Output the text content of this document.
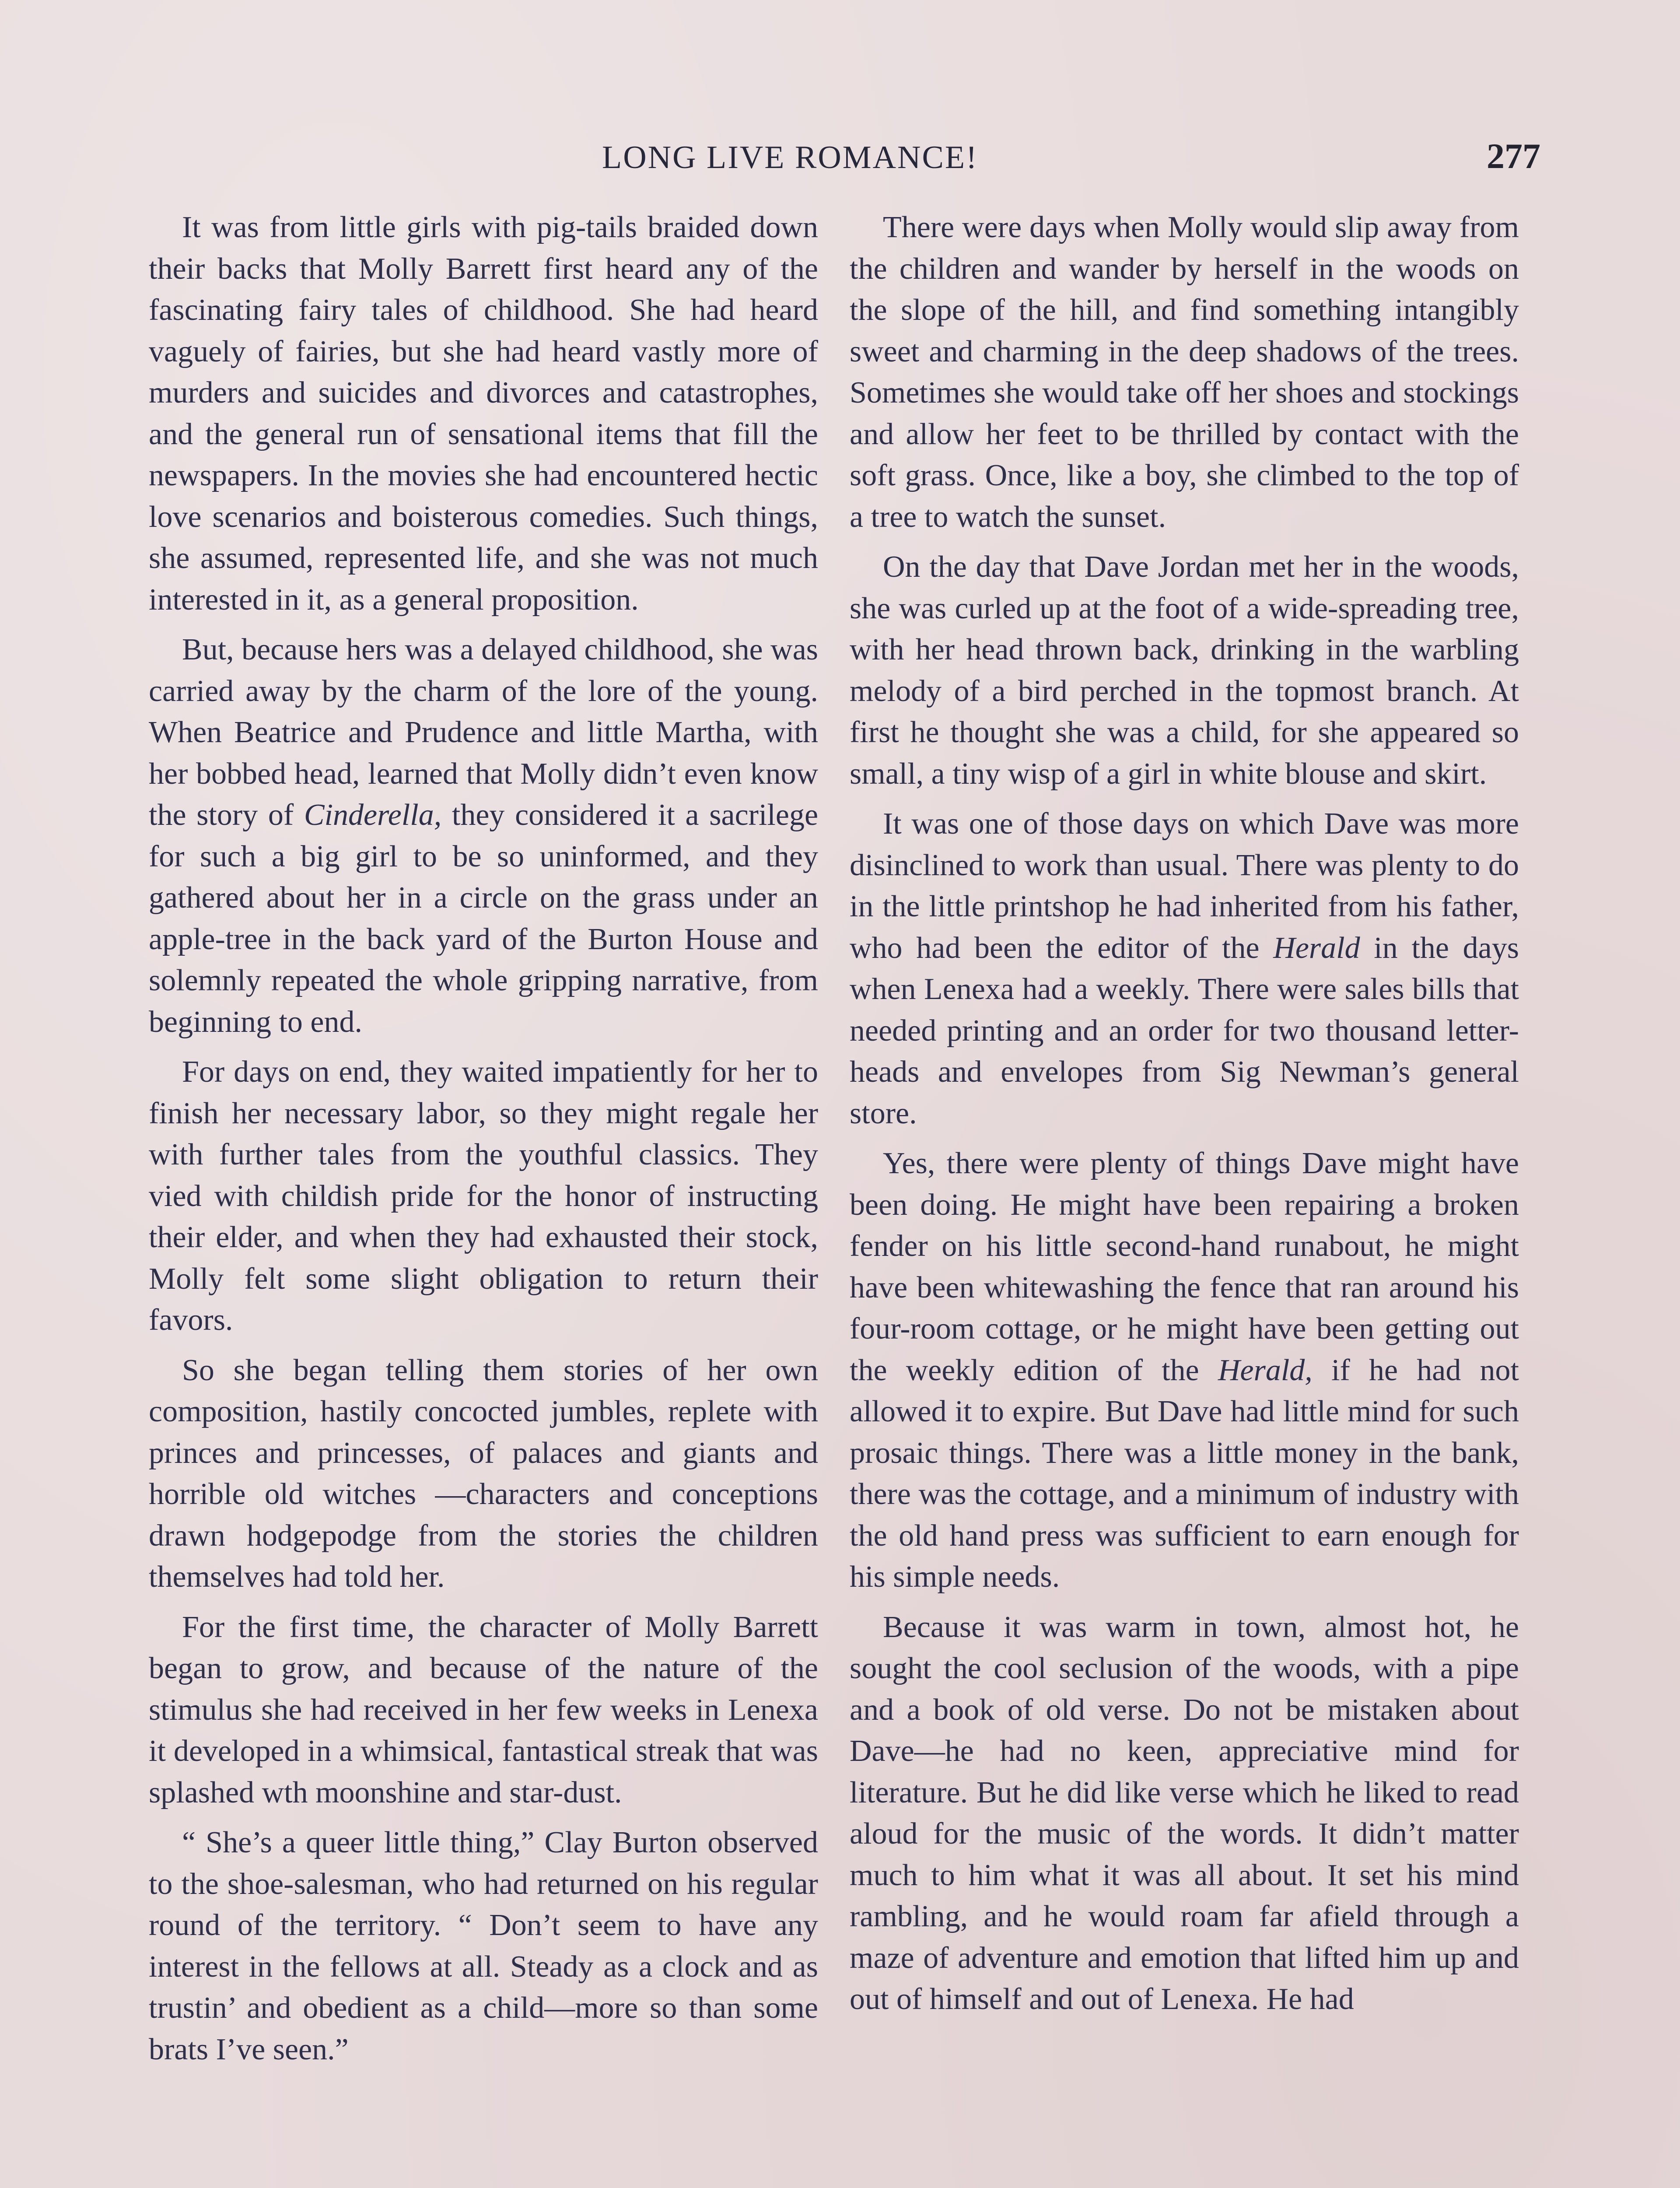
LONG LIVE ROMANCE!	277

It was from little girls with pig-tails braided down their backs that Molly Barrett first heard any of the fascinating fairy tales of childhood. She had heard vaguely of fairies, but she had heard vastly more of murders and suicides and divorces and catastrophes, and the general run of sensational items that fill the newspapers. In the movies she had encountered hectic love scenarios and boisterous comedies. Such things, she assumed, represented life, and she was not much interested in it, as a general proposition.

But, because hers was a delayed childhood, she was carried away by the charm of the lore of the young. When Beatrice and Prudence and little Martha, with her bobbed head, learned that Molly didn’t even know the story of Cinderella, they considered it a sacrilege for such a big girl to be so uninformed, and they gathered about her in a circle on the grass under an apple-tree in the back yard of the Burton House and solemnly repeated the whole gripping narrative, from beginning to end.

For days on end, they waited impatiently for her to finish her necessary labor, so they might regale her with further tales from the youthful classics. They vied with childish pride for the honor of instructing their elder, and when they had exhausted their stock, Molly felt some slight obligation to return their favors.

So she began telling them stories of her own composition, hastily concocted jumbles, replete with princes and princesses, of palaces and giants and horrible old witches —characters and conceptions drawn hodgepodge from the stories the children themselves had told her.

For the first time, the character of Molly Barrett began to grow, and because of the nature of the stimulus she had received in her few weeks in Lenexa it developed in a whimsical, fantastical streak that was splashed wth moonshine and star-dust.

“ She’s a queer little thing,” Clay Burton observed to the shoe-salesman, who had returned on his regular round of the territory. “ Don’t seem to have any interest in the fellows at all. Steady as a clock and as trustin’ and obedient as a child—more so than some brats I’ve seen.”

There were days when Molly would slip away from the children and wander by herself in the woods on the slope of the hill, and find something intangibly sweet and charming in the deep shadows of the trees. Sometimes she would take off her shoes and stockings and allow her feet to be thrilled by contact with the soft grass. Once, like a boy, she climbed to the top of a tree to watch the sunset.

On the day that Dave Jordan met her in the woods, she was curled up at the foot of a wide-spreading tree, with her head thrown back, drinking in the warbling melody of a bird perched in the topmost branch. At first he thought she was a child, for she appeared so small, a tiny wisp of a girl in white blouse and skirt.

It was one of those days on which Dave was more disinclined to work than usual. There was plenty to do in the little printshop he had inherited from his father, who had been the editor of the Herald in the days when Lenexa had a weekly. There were sales bills that needed printing and an order for two thousand letter-heads and envelopes from Sig Newman’s general store.

Yes, there were plenty of things Dave might have been doing. He might have been repairing a broken fender on his little second-hand runabout, he might have been whitewashing the fence that ran around his four-room cottage, or he might have been getting out the weekly edition of the Herald, if he had not allowed it to expire. But Dave had little mind for such prosaic things. There was a little money in the bank, there was the cottage, and a minimum of industry with the old hand press was sufficient to earn enough for his simple needs.

Because it was warm in town, almost hot, he sought the cool seclusion of the woods, with a pipe and a book of old verse. Do not be mistaken about Dave—he had no keen, appreciative mind for literature. But he did like verse which he liked to read aloud for the music of the words. It didn’t matter much to him what it was all about. It set his mind rambling, and he would roam far afield through a maze of adventure and emotion that lifted him up and out of himself and out of Lenexa. He had
